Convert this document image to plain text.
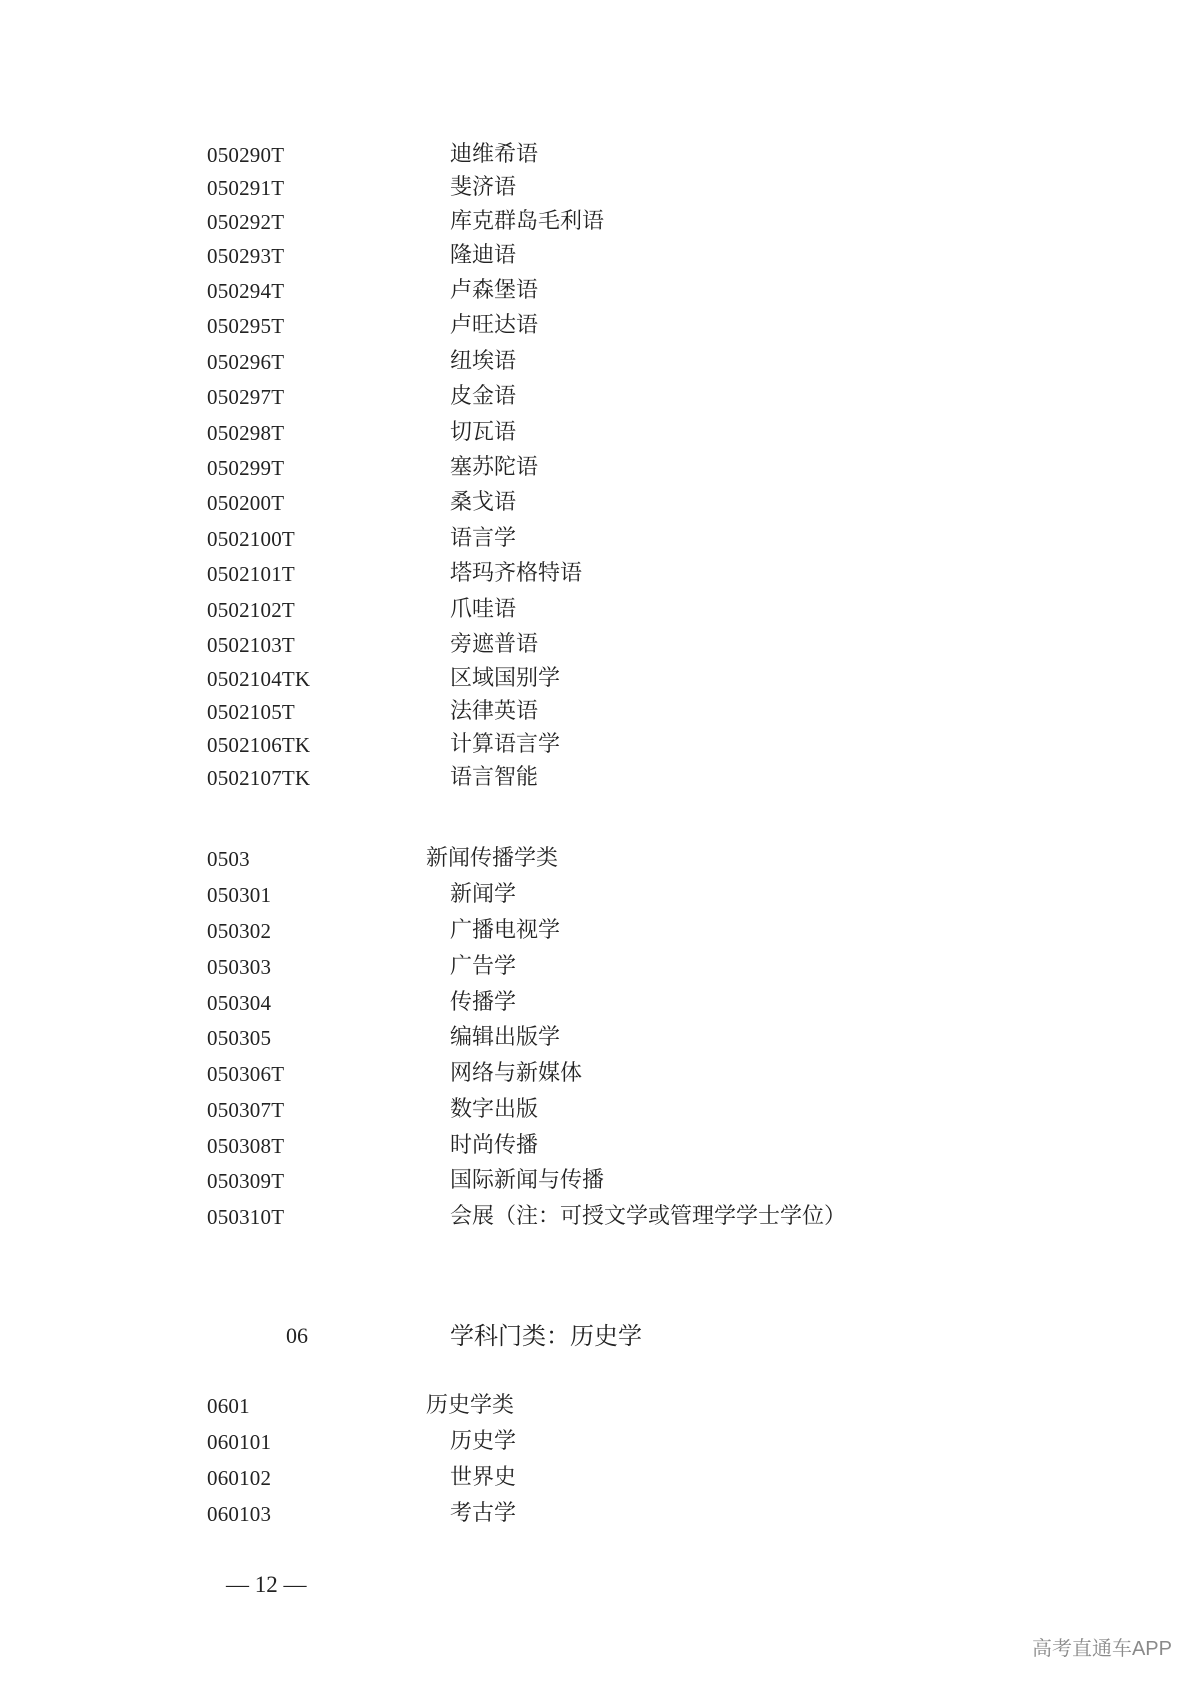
050290T	迪维希语
050291T	斐济语
050292T	库克群岛毛利语
050293T	隆迪语
050294T	卢森堡语
050295T	卢旺达语
050296T	纽埃语
050297T	皮金语
050298T	切瓦语
050299T	塞苏陀语
050200T	桑戈语
0502100T	语言学
0502101T	塔玛齐格特语
0502102T	爪哇语
0502103T	旁遮普语
0502104TK	区域国别学
0502105T	法律英语
0502106TK	计算语言学
0502107TK	语言智能
0503	新闻传播学类
050301	新闻学
050302	广播电视学
050303	广告学
050304	传播学
050305	编辑出版学
050306T	网络与新媒体
050307T	数字出版
050308T	时尚传播
050309T	国际新闻与传播
050310T	会展（注：可授文学或管理学学士学位）
06	学科门类：历史学
0601	历史学类
060101	历史学
060102	世界史
060103	考古学
— 12 —
高考直通车APP
